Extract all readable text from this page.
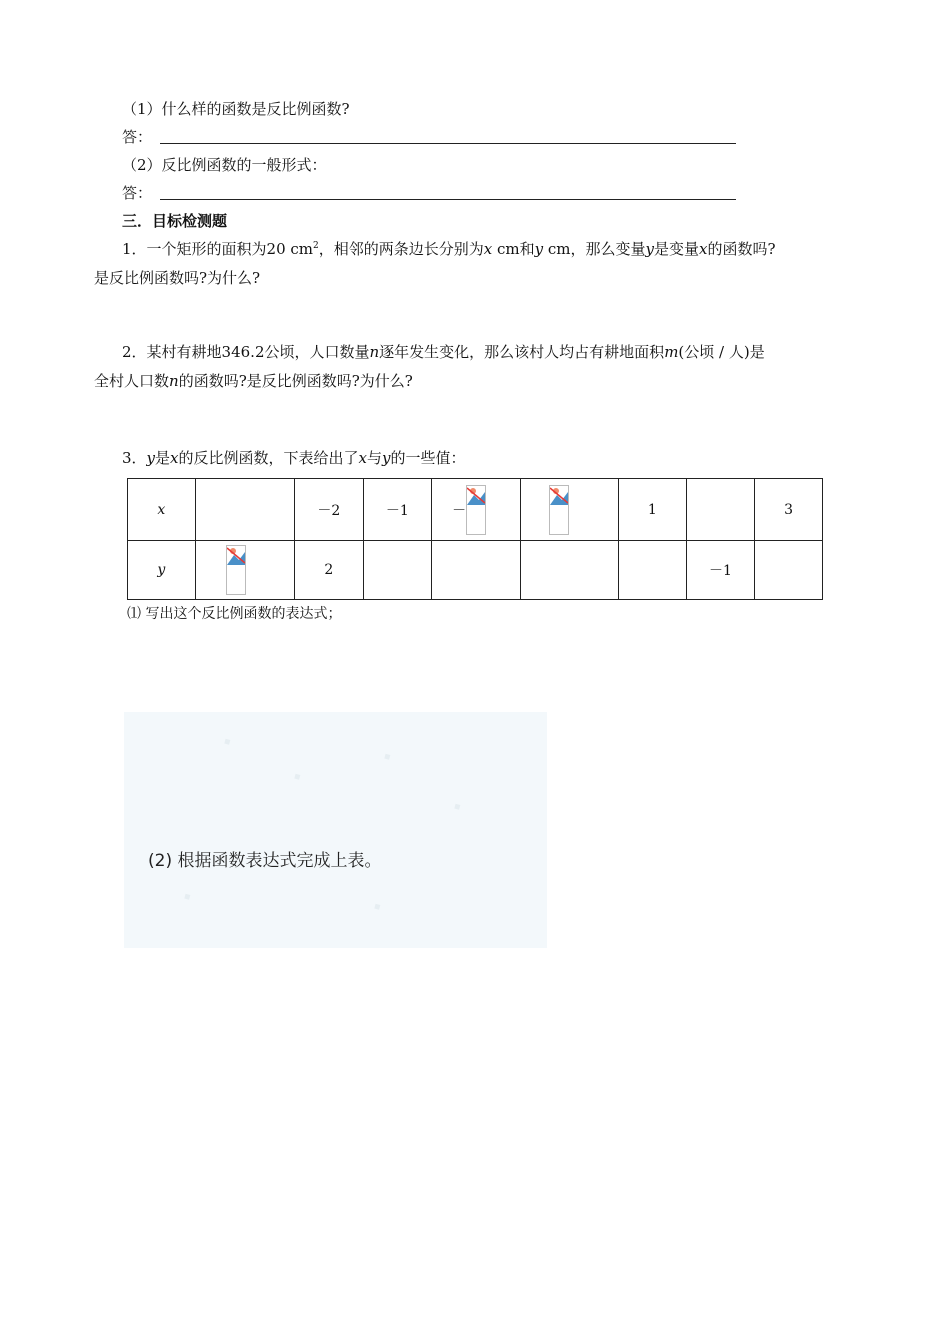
（1）什么样的函数是反比例函数?
答：
（2）反比例函数的一般形式：
答：
三．目标检测题
1．一个矩形的面积为20 $cm^2$，相邻的两条边长分别为x cm和y cm，那么变量y是变量x的函数吗?
是反比例函数吗?为什么?
2．某村有耕地346.2公顷，人口数量n逐年发生变化，那么该村人均占有耕地面积m(公顷 / 人)是
全村人口数n的函数吗?是反比例函数吗?为什么?
3．y是x的反比例函数，下表给出了x与y的一些值：
x		－2	－1	－		1		3
y		2					－1	
⑴ 写出这个反比例函数的表达式；
◆
◆
◆
◆
◆
◆
(2) 根据函数表达式完成上表。
